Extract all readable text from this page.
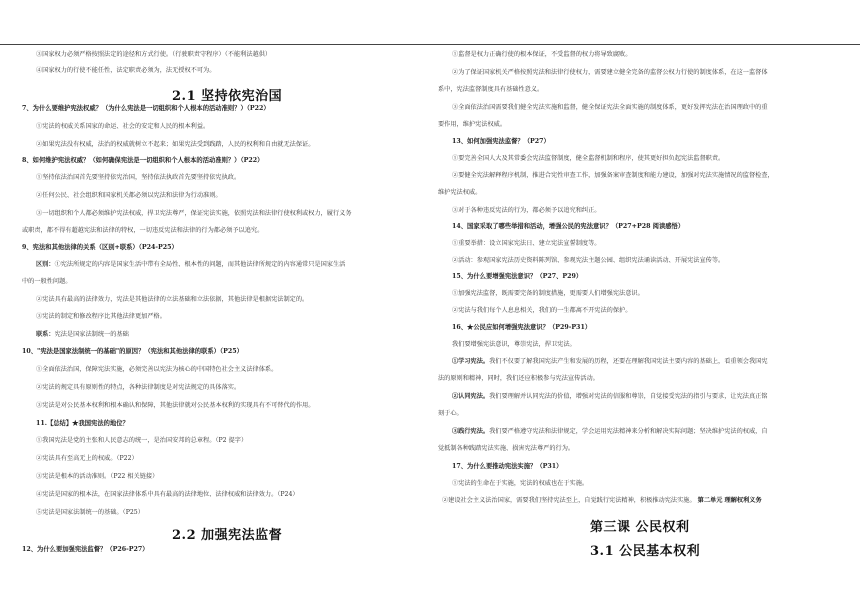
③国家权力必须严格按照法定的途径和方式行使。（行驶职责守程序）（不能利法越供）
④国家权力的行使不能任性，法定职责必须为，法无授权不可为。
2.1 坚持依宪治国
7、为什么要维护宪法权威？（为什么宪法是一切组织和个人根本的活动准则？）（P22）
①宪法的权威关系国家的命运、社会的安定和人民的根本利益。
②如果宪法没有权威，法治的权威就树立不起来；如果宪法受到践踏，人民的权利和自由就无法保证。
8、如何维护宪法权威？（如何确保宪法是一切组织和个人根本的活动准则？）（P22）
①坚持依法治国首先要坚持依宪治国，坚持依法执政首先要坚持依宪执政。
②任何公民、社会组织和国家机关都必须以宪法和法律为行动准则。
③一切组织和个人都必须维护宪法权威，捍卫宪法尊严，保证宪法实施，依照宪法和法律行使权利或权力，履行义务
或职责，都不得有超越宪法和法律的特权，一切违反宪法和法律的行为都必须予以追究。
9、宪法和其他法律的关系（区别+联系）（P24-P25）
区别：①宪法所规定的内容是国家生活中带有全局性、根本性的问题，而其他法律所规定的内容通常只是国家生活
中的一般性问题。
②宪法具有最高的法律效力，宪法是其他法律的立法基础和立法依据，其他法律是根据宪法制定的。
③宪法的制定和修改程序比其他法律更加严格。
联系：宪法是国家法制统一的基础
10、"宪法是国家法制统一的基础"的原因？（宪法和其他法律的联系）（P25）
①全面依法治国，保障宪法实施，必须完善以宪法为核心的中国特色社会主义法律体系。
②宪法的规定具有原则性的特点，各种法律制度是对宪法规定的具体落实。
③宪法是对公民基本权利和根本确认和保障，其他法律就对公民基本权利的实现具有不可替代的作用。
11.【总结】★我国宪法的地位？
①我国宪法是党的主张和人民意志的统一，是治国安邦的总章程。（P2 提字）
②宪法具有至高无上的权威。（P22）
③宪法是根本的活动准则。（P22 相关链接）
④宪法是国家的根本法，在国家法律体系中具有最高的法律地位、法律权威和法律效力。（P24）
⑤宪法是国家法制统一的基础。（P25）
2.2 加强宪法监督
12、为什么要加强宪法监督？（P26-P27）
①监督是权力正确行使的根本保证，不受监督的权力将导致腐败。
②为了保证国家机关严格按照宪法和法律行使权力，需要建立健全完备的监督公权力行使的制度体系，在这一监督体
系中，宪法监督制度具有基础性意义。
③全面依法治国需要我们健全宪法实施和监督，健全保证宪法全面实施的制度体系，更好发挥宪法在治国理政中的重
要作用，维护宪法权威。
13、如何加强宪法监督？（P27）
①要完善全国人大及其常委会宪法监督制度，健全监督机制和程序，使其更好担负起宪法监督职责。
②要健全宪法解释程序机制，推进合宪性审查工作，加强备案审查制度和能力建设，加强对宪法实施情况的监督检查，
维护宪法权威。
③对于各种违反宪法的行为，都必须予以追究和纠正。
14、国家采取了哪些举措和活动，增强公民的宪法意识？（P27+P28 阅读感悟）
①重要举措：设立国家宪法日、建立宪法宣誓制度等。
②活动：参观国家宪法历史资料陈列馆、参观宪法主题公园、组织宪法诵读活动、开展宪法宣传等。
15、为什么要增强宪法意识？（P27、P29）
①加强宪法监督，既需要完备的制度措施，更需要人们增强宪法意识。
②宪法与我们每个人息息相关，我们的一生都离不开宪法的保护。
16、★公民应如何增强宪法意识？（P29-P31）
我们要增强宪法意识，尊崇宪法，捍卫宪法。
①学习宪法。我们不仅要了解我国宪法产生和发展的历程，还要在理解我国宪法主要内容的基础上，看重领会我国宪
法的原则和精神，同时，我们还应积极参与宪法宣传活动。
②认同宪法。我们要理解并认同宪法的价值，增强对宪法的信服和尊崇，自觉接受宪法的指引与要求，让宪法真正铭
刻于心。
③践行宪法。我们要严格遵守宪法和法律规定，学会运用宪法精神来分析和解决实际问题；坚决维护宪法的权威，自
觉抵制各种践踏宪法实施、损害宪法尊严的行为。
17、为什么要推动宪法实施？（P31）
①宪法的生命在于实施，宪法的权威也在于实施。
②建设社会主义法治国家，需要我们坚持宪法至上，自觉践行宪法精神，积极推动宪法实施。 第二单元 理解权利义务
第三课 公民权利
3.1 公民基本权利
